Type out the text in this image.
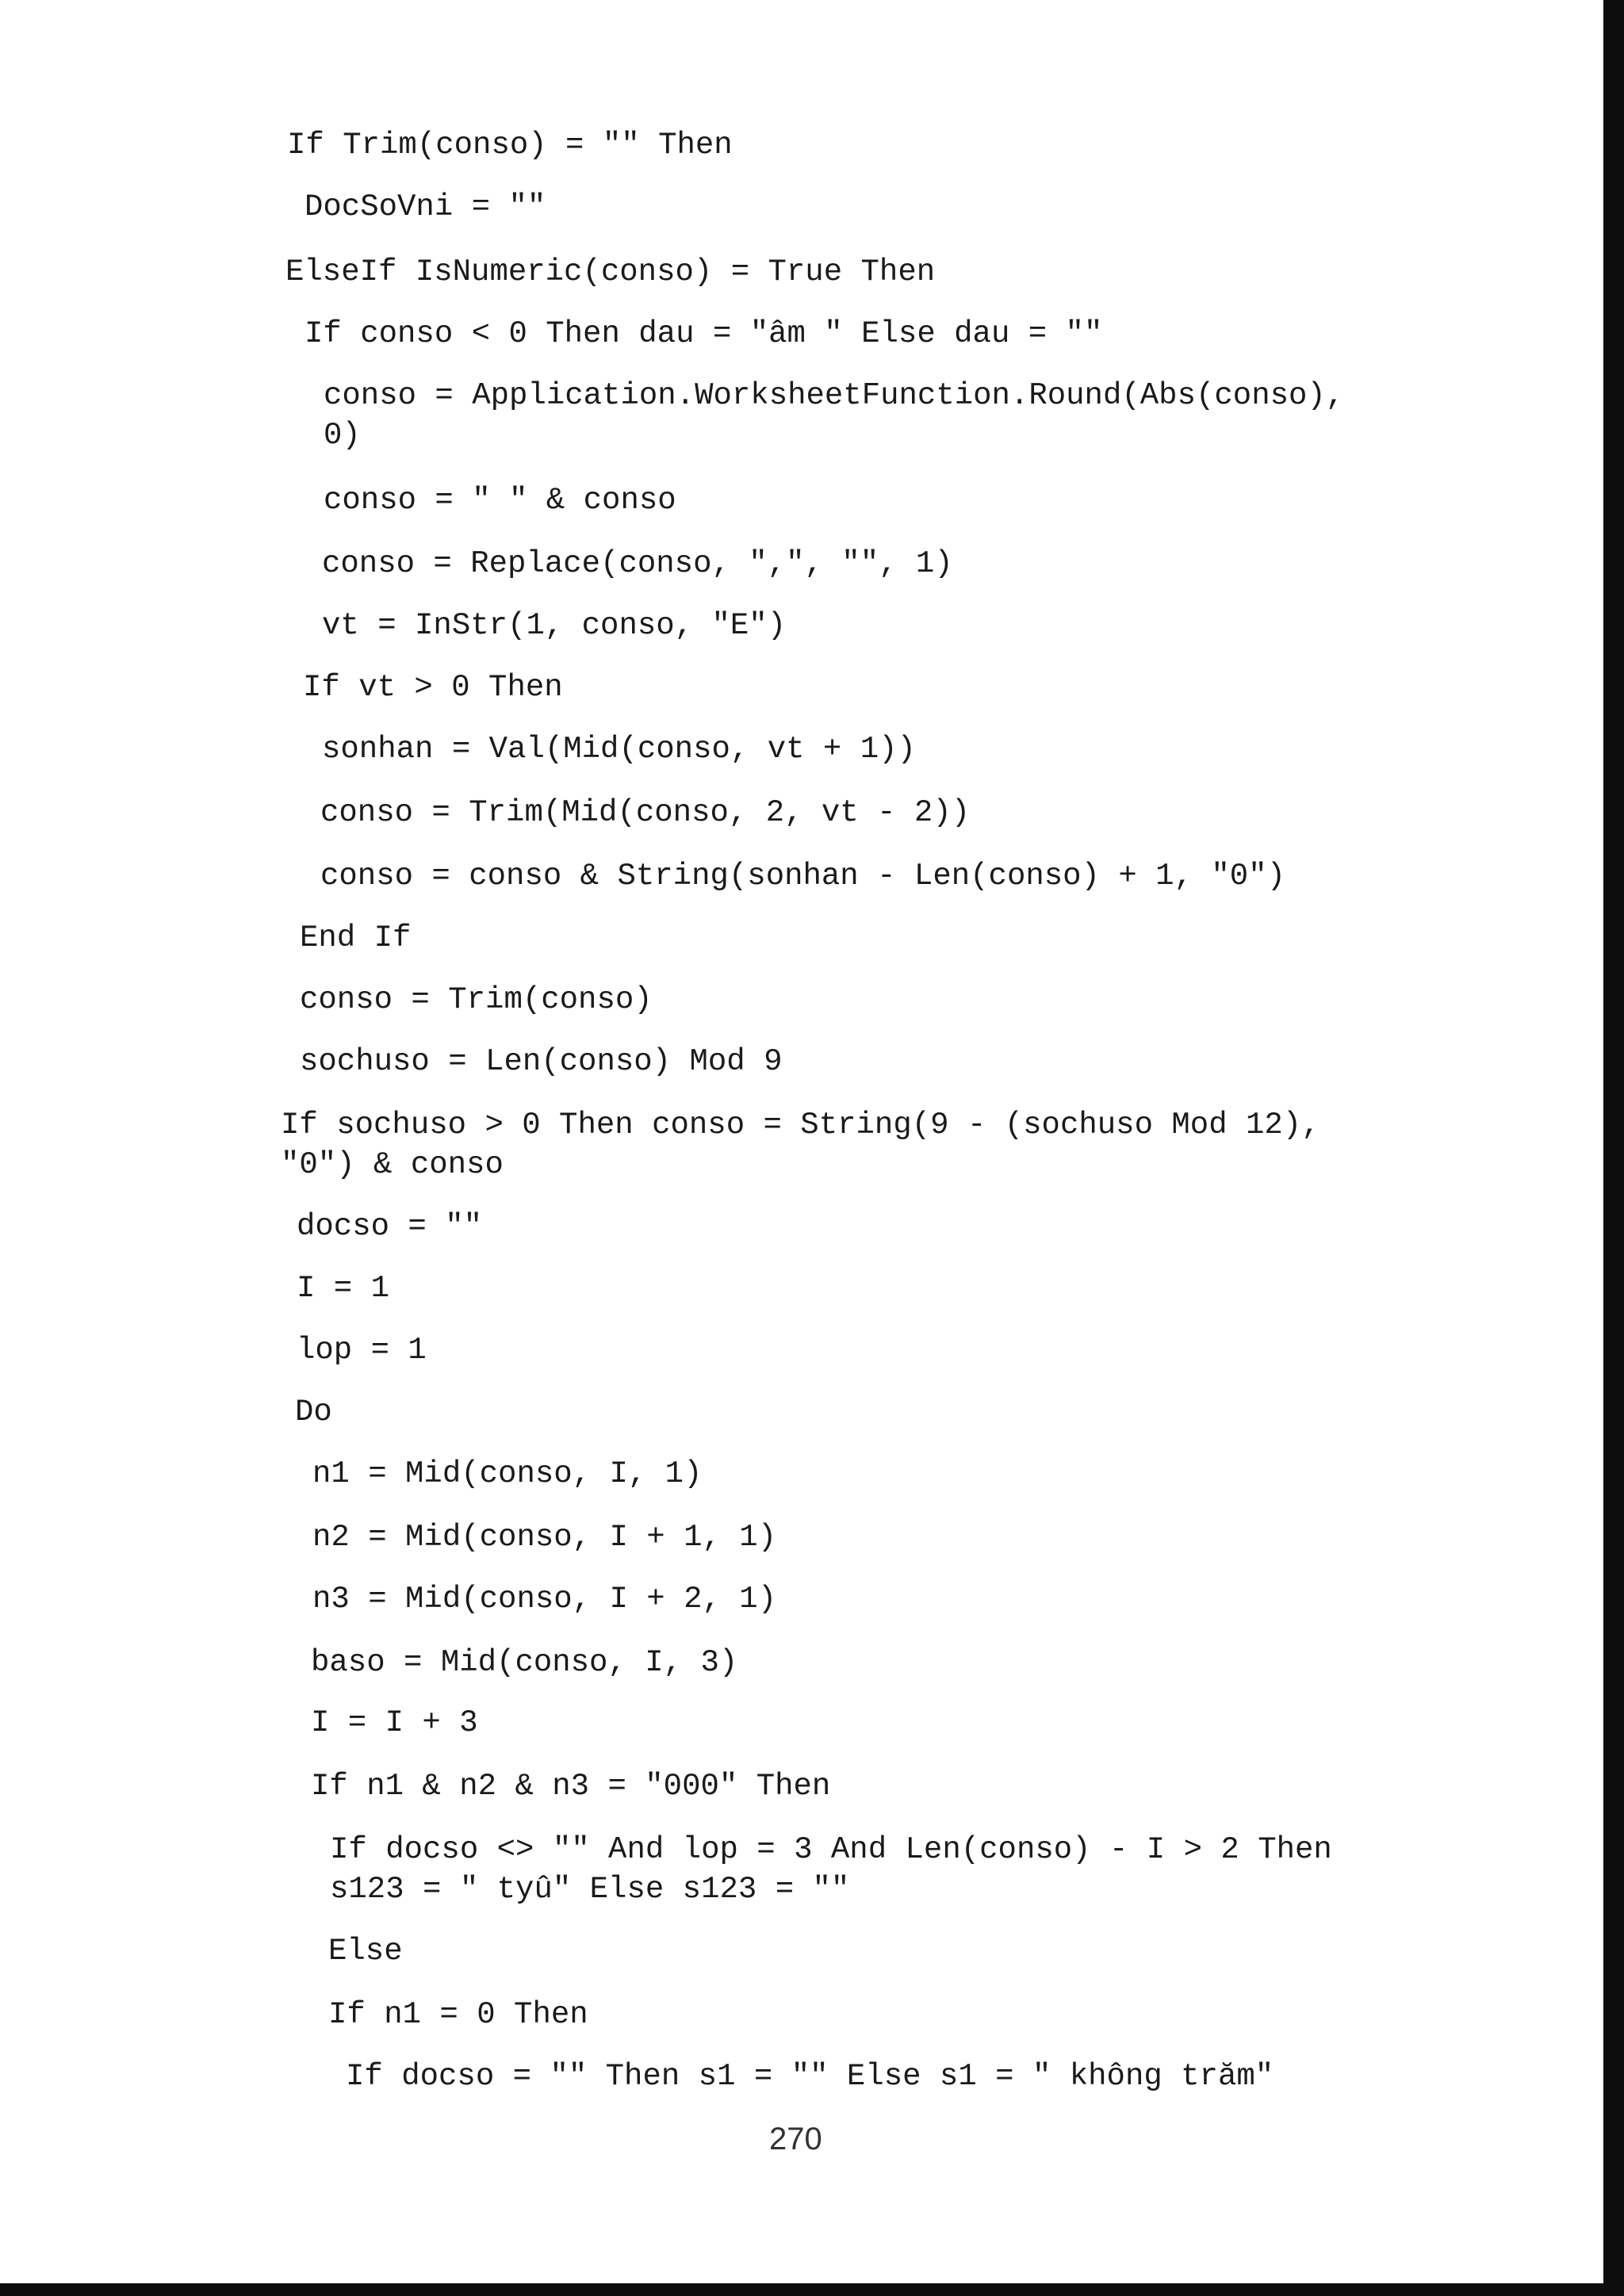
If Trim(conso) = "" Then
DocSoVni = ""
ElseIf IsNumeric(conso) = True Then
If conso < 0 Then dau = "âm " Else dau = ""
conso = Application.WorksheetFunction.Round(Abs(conso),
0)
conso = " " & conso
conso = Replace(conso, ",", "", 1)
vt = InStr(1, conso, "E")
If vt > 0 Then
sonhan = Val(Mid(conso, vt + 1))
conso = Trim(Mid(conso, 2, vt - 2))
conso = conso & String(sonhan - Len(conso) + 1, "0")
End If
conso = Trim(conso)
sochuso = Len(conso) Mod 9
If sochuso > 0 Then conso = String(9 - (sochuso Mod 12),
"0") & conso
docso = ""
I = 1
lop = 1
Do
n1 = Mid(conso, I, 1)
n2 = Mid(conso, I + 1, 1)
n3 = Mid(conso, I + 2, 1)
baso = Mid(conso, I, 3)
I = I + 3
If n1 & n2 & n3 = "000" Then
If docso <> "" And lop = 3 And Len(conso) - I > 2 Then
s123 = " tyû" Else s123 = ""
Else
If n1 = 0 Then
If docso = "" Then s1 = "" Else s1 = " không trăm"
270
